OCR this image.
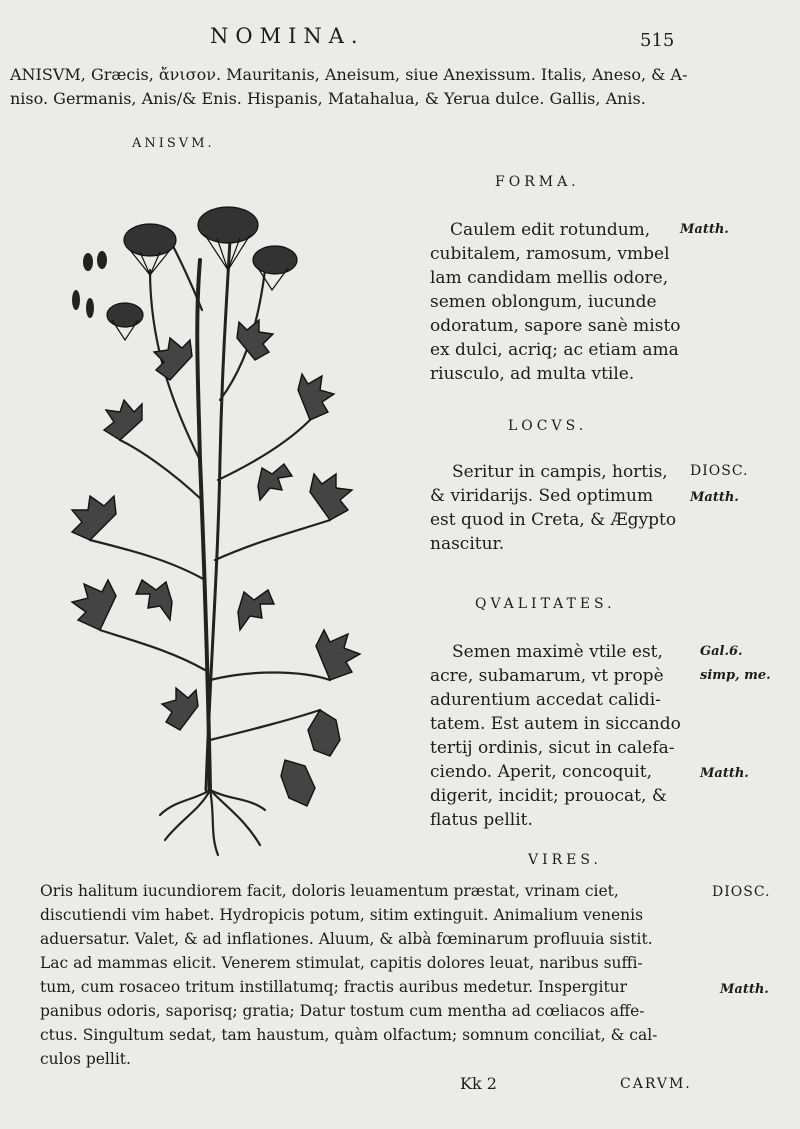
NOMINA.	515
ANISVM, Græcis, ἄνισον. Mauritanis, Aneisum, siue Anexissum. Italis, Aneso, & A-
niso. Germanis, Anis/& Enis. Hispanis, Matahalua, & Yerua dulce. Gallis, Anis.
ANISVM.
FORMA.
Caulem edit rotundum,
cubitalem, ramosum, vmbel
lam candidam mellis odore,
semen oblongum, iucunde
odoratum, sapore sanè misto
ex dulci, acriq; ac etiam ama
riusculo, ad multa vtile.
Matth.
LOCVS.
Seritur in campis, hortis,
& viridarijs. Sed optimum
est quod in Creta, & Ægypto
nascitur.
DIOSC.
Matth.
QVALITATES.
Semen maximè vtile est,
acre, subamarum, vt propè
adurentium accedat calidi-
tatem. Est autem in siccando
tertij ordinis, sicut in calefa-
ciendo. Aperit, concoquit,
digerit, incidit; prouocat, &
flatus pellit.
Gal.6.
simp, me.
Matth.
VIRES.
Oris halitum iucundiorem facit, doloris leuamentum præstat, vrinam ciet,
discutiendi vim habet. Hydropicis potum, sitim extinguit. Animalium venenis
aduersatur. Valet, & ad inflationes. Aluum, & albà fœminarum profluuia sistit.
Lac ad mammas elicit. Venerem stimulat, capitis dolores leuat, naribus suffi-
tum, cum rosaceo tritum instillatumq; fractis auribus medetur. Inspergitur
panibus odoris, saporisq; gratia; Datur tostum cum mentha ad cœliacos affe-
ctus. Singultum sedat, tam haustum, quàm olfactum; somnum conciliat, & cal-
culos pellit.
DIOSC.
Matth.
Kk 2	CARVM.
